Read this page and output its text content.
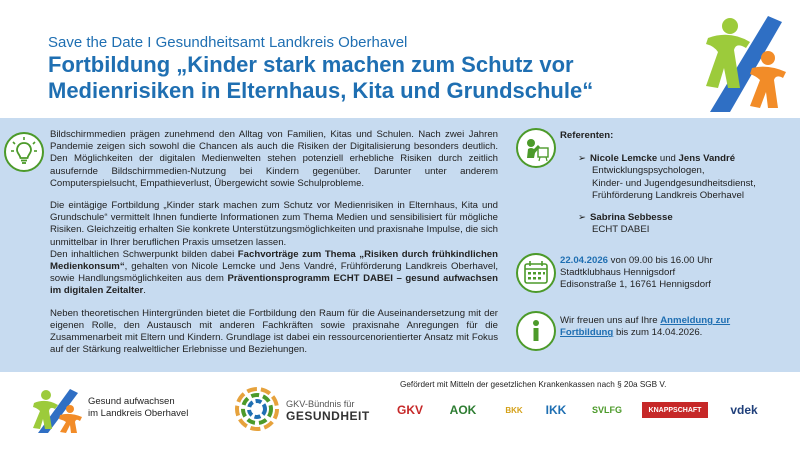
Save the Date I Gesundheitsamt Landkreis Oberhavel
Fortbildung „Kinder stark machen zum Schutz vor Medienrisiken in Elternhaus, Kita und Grundschule“

Bildschirmmedien prägen zunehmend den Alltag von Familien, Kitas und Schulen. Nach zwei Jahren Pandemie zeigen sich sowohl die Chancen als auch die Risiken der Digitalisierung besonders deutlich. Den Möglichkeiten der digitalen Medienwelten stehen potenziell erhebliche Risiken durch zeitlich ausufernde Bildschirmmedien-Nutzung bei Kindern gegenüber. Darunter unter anderem Computerspielsucht, Empathieverlust, Übergewicht sowie Schulprobleme.

Die eintägige Fortbildung „Kinder stark machen zum Schutz vor Medienrisiken in Elternhaus, Kita und Grundschule“ vermittelt Ihnen fundierte Informationen zum Thema Medien und sensibilisiert für mögliche Risiken. Gleichzeitig erhalten Sie konkrete Unterstützungsmöglichkeiten und praxisnahe Impulse, die sich unmittelbar in Ihrer beruflichen Praxis umsetzen lassen.

Den inhaltlichen Schwerpunkt bilden dabei Fachvorträge zum Thema „Risiken durch frühkindlichen Medienkonsum“, gehalten von Nicole Lemcke und Jens Vandré, Frühförderung Landkreis Oberhavel, sowie Handlungsmöglichkeiten aus dem Präventionsprogramm ECHT DABEI – gesund aufwachsen im digitalen Zeitalter.

Neben theoretischen Hintergründen bietet die Fortbildung den Raum für die Auseinandersetzung mit der eigenen Rolle, den Austausch mit anderen Fachkräften sowie praxisnahe Anregungen für die Zusammenarbeit mit Eltern und Kindern. Grundlage ist dabei ein ressourcenorientierter Ansatz mit Fokus auf der Stärkung realweltlicher Erlebnisse und Beziehungen.

Referenten:
➢ Nicole Lemcke und Jens Vandré
Entwicklungspsychologen,
Kinder- und Jugendgesundheitsdienst,
Frühförderung Landkreis Oberhavel
➢ Sabrina Sebbesse
ECHT DABEI
22.04.2026 von 09.00 bis 16.00 Uhr
Stadtklubhaus Hennigsdorf
Edisonstraße 1, 16761 Hennigsdorf
Wir freuen uns auf Ihre Anmeldung zur Fortbildung bis zum 14.04.2026.
Gesund aufwachsen
im Landkreis Oberhavel
GKV-Bündnis für
GESUNDHEIT
Gefördert mit Mitteln der gesetzlichen Krankenkassen nach § 20a SGB V.
GKV AOK	BKK IKK	SVLFG	KNAPPSCHAFT vdek
